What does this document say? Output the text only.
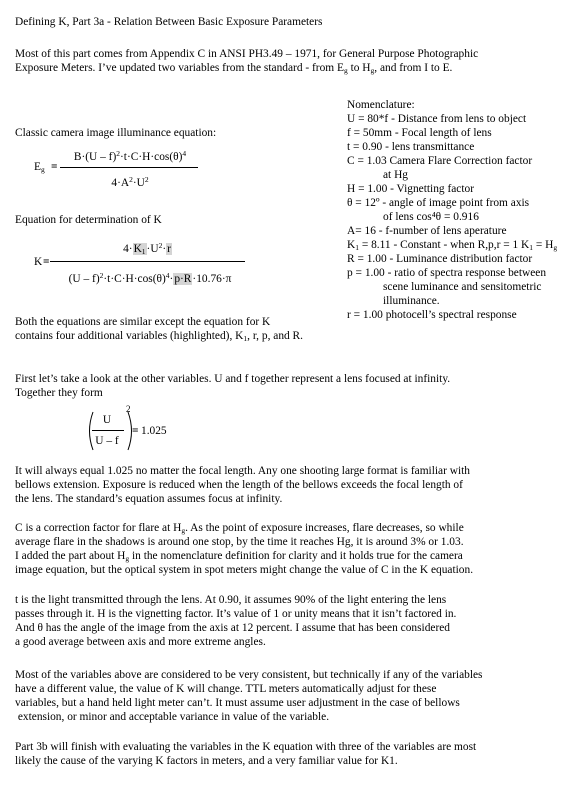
Defining K, Part 3a - Relation Between Basic Exposure Parameters

Most of this part comes from Appendix C in ANSI PH3.49 – 1971, for General Purpose Photographic

Exposure Meters. I’ve updated two variables from the standard - from $E_g$ to $H_g$, and from I to E.

Classic camera image illuminance equation:
$E_g$ =
$B\cdot(U - f)^2\cdot t\cdot C\cdot H\cdot\cos(\theta)^4$
$4\cdot A^2\cdot U^2$
Equation for determination of K
K =
$4\cdot K_1\cdot U^2\cdot r$
$(U - f)^2\cdot t\cdot C\cdot H\cdot\cos(\theta)^4\cdot p\cdot R\cdot 10.76\cdot\pi$
Nomenclature:
U = 80*f - Distance from lens to object
f = 50mm - Focal length of lens
t = 0.90 - lens transmittance
C = 1.03 Camera Flare Correction factor
at Hg
H = 1.00 - Vignetting factor
θ = 12º - angle of image point from axis
of lens cos⁴θ = 0.916
A= 16 - f-number of lens aperature
$K_1 = 8.11$ - Constant - when R,p,r = 1 $K_1 = H_g$
R = 1.00 - Luminance distribution factor
p = 1.00 - ratio of spectra response between
scene luminance and sensitometric
illuminance.
r = 1.00 photocell’s spectral response

Both the equations are similar except the equation for K

contains four additional variables (highlighted), $K_1$, r, p, and R.

First let’s take a look at the other variables. U and f together represent a lens focused at infinity.

Together they form

U
U – f
2
= 1.025

It will always equal 1.025 no matter the focal length. Any one shooting large format is familiar with

bellows extension. Exposure is reduced when the length of the bellows exceeds the focal length of

the lens. The standard’s equation assumes focus at infinity.

C is a correction factor for flare at $H_g$. As the point of exposure increases, flare decreases, so while

average flare in the shadows is around one stop, by the time it reaches Hg, it is around 3% or 1.03.

I added the part about $H_g$ in the nomenclature definition for clarity and it holds true for the camera

image equation, but the optical system in spot meters might change the value of C in the K equation.

t is the light transmitted through the lens. At 0.90, it assumes 90% of the light entering the lens

passes through it. H is the vignetting factor. It’s value of 1 or unity means that it isn’t factored in.

And θ has the angle of the image from the axis at 12 percent. I assume that has been considered

a good average between axis and more extreme angles.

Most of the variables above are considered to be very consistent, but technically if any of the variables

have a different value, the value of K will change. TTL meters automatically adjust for these

variables, but a hand held light meter can’t. It must assume user adjustment in the case of bellows

extension, or minor and acceptable variance in value of the variable.

Part 3b will finish with evaluating the variables in the K equation with three of the variables are most

likely the cause of the varying K factors in meters, and a very familiar value for K1.
